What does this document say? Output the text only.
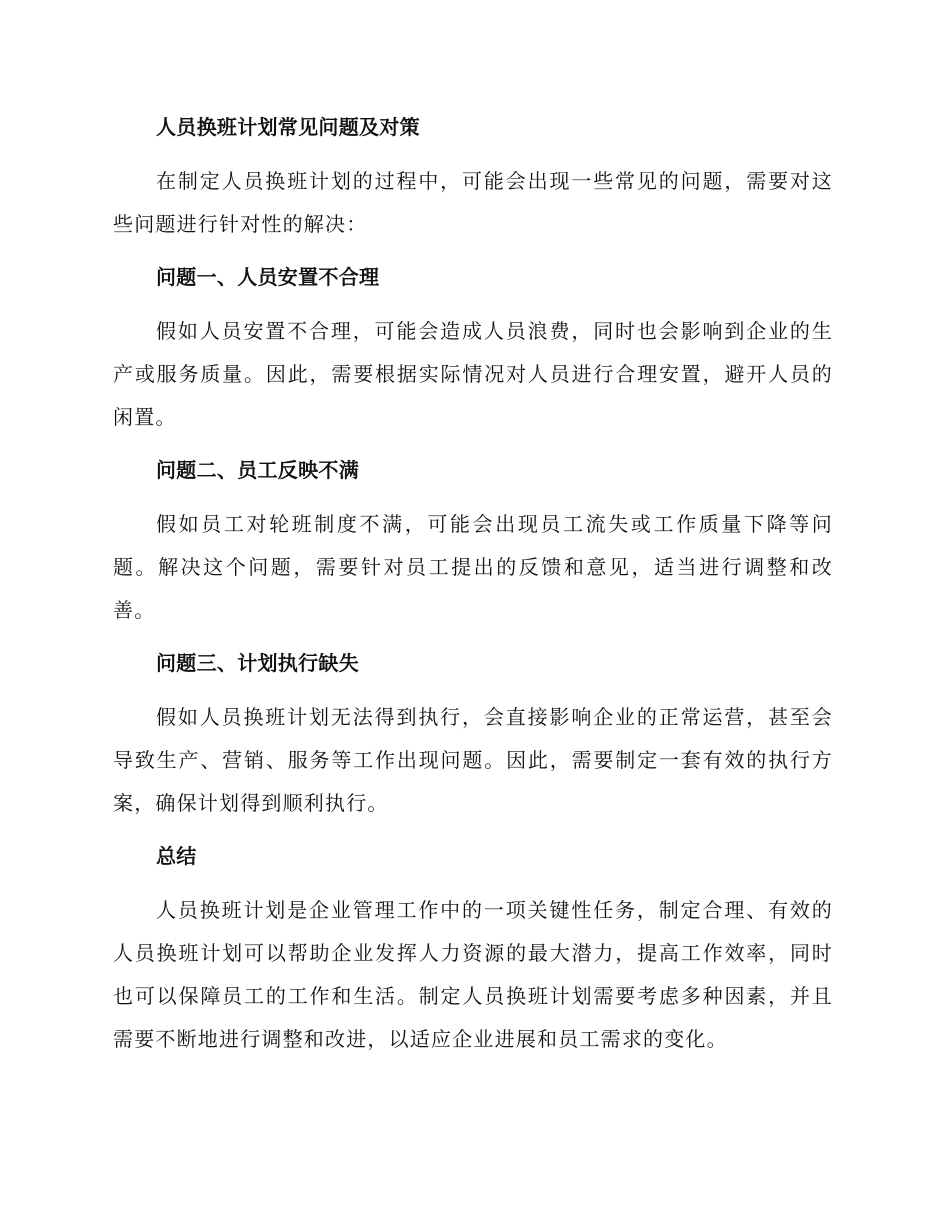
人员换班计划常见问题及对策

在制定人员换班计划的过程中，可能会出现一些常见的问题，需要对这些问题进行针对性的解决：

问题一、人员安置不合理

假如人员安置不合理，可能会造成人员浪费，同时也会影响到企业的生产或服务质量。因此，需要根据实际情况对人员进行合理安置，避开人员的闲置。

问题二、员工反映不满

假如员工对轮班制度不满，可能会出现员工流失或工作质量下降等问题。解决这个问题，需要针对员工提出的反馈和意见，适当进行调整和改善。

问题三、计划执行缺失

假如人员换班计划无法得到执行，会直接影响企业的正常运营，甚至会导致生产、营销、服务等工作出现问题。因此，需要制定一套有效的执行方案，确保计划得到顺利执行。

总结

人员换班计划是企业管理工作中的一项关键性任务，制定合理、有效的人员换班计划可以帮助企业发挥人力资源的最大潜力，提高工作效率，同时也可以保障员工的工作和生活。制定人员换班计划需要考虑多种因素，并且需要不断地进行调整和改进，以适应企业进展和员工需求的变化。
